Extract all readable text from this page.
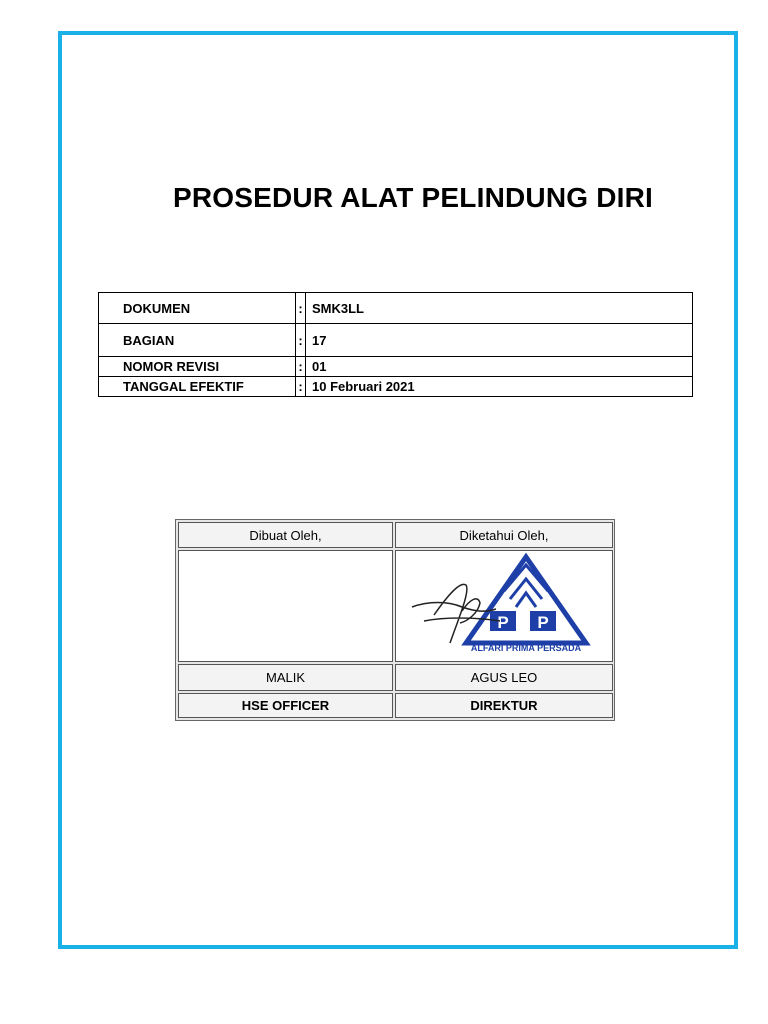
PROSEDUR ALAT PELINDUNG DIRI
DOKUMEN	:	SMK3LL
BAGIAN	:	17
NOMOR REVISI	:	01
TANGGAL EFEKTIF	:	10 Februari 2021
Dibuat Oleh,	Diketahui Oleh,
P P
ALFARI PRIMA PERSADA
MALIK	AGUS LEO
HSE OFFICER	DIREKTUR
